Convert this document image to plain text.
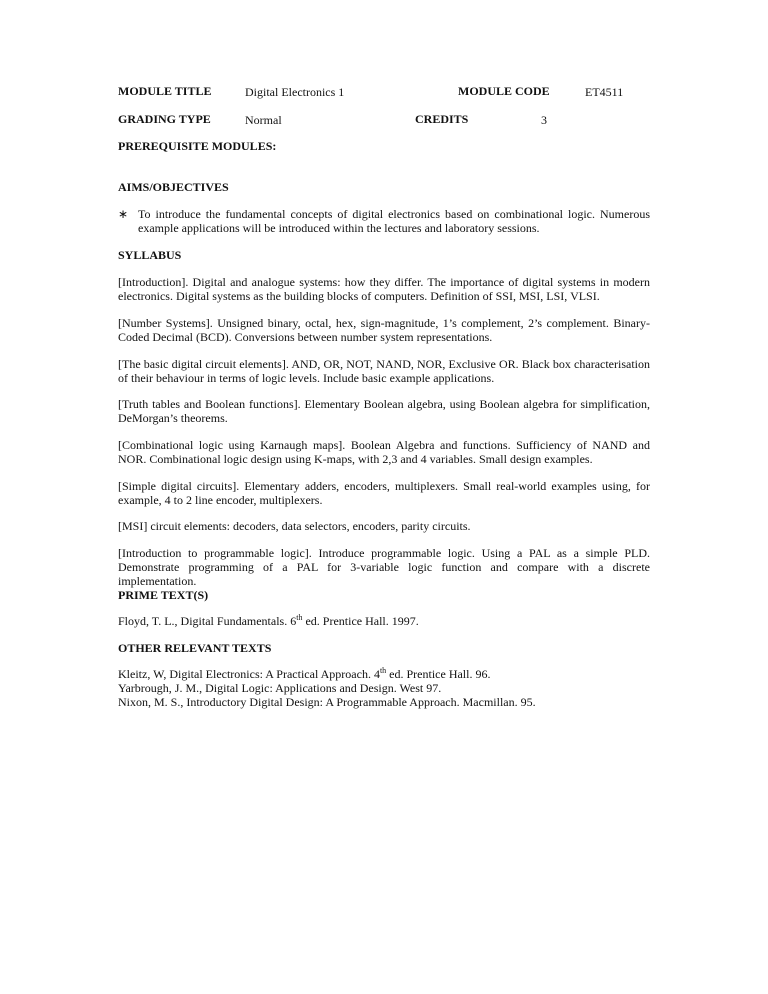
MODULE TITLE	Digital Electronics 1	MODULE CODE	ET4511
GRADING TYPE	Normal	CREDITS	3
PREREQUISITE MODULES:
AIMS/OBJECTIVES
∗ To introduce the fundamental concepts of digital electronics based on combinational logic. Numerous example applications will be introduced within the lectures and laboratory sessions.
SYLLABUS
[Introduction]. Digital and analogue systems: how they differ. The importance of digital systems in modern electronics. Digital systems as the building blocks of computers. Definition of SSI, MSI, LSI, VLSI.
[Number Systems]. Unsigned binary, octal, hex, sign-magnitude, 1’s complement, 2’s complement. Binary-Coded Decimal (BCD). Conversions between number system representations.
[The basic digital circuit elements]. AND, OR, NOT, NAND, NOR, Exclusive OR. Black box characterisation of their behaviour in terms of logic levels. Include basic example applications.
[Truth tables and Boolean functions]. Elementary Boolean algebra, using Boolean algebra for simplification, DeMorgan’s theorems.
[Combinational logic using Karnaugh maps]. Boolean Algebra and functions. Sufficiency of NAND and NOR. Combinational logic design using K-maps, with 2,3 and 4 variables. Small design examples.
[Simple digital circuits]. Elementary adders, encoders, multiplexers. Small real-world examples using, for example, 4 to 2 line encoder, multiplexers.
[MSI] circuit elements: decoders, data selectors, encoders, parity circuits.
[Introduction to programmable logic]. Introduce programmable logic. Using a PAL as a simple PLD. Demonstrate programming of a PAL for 3-variable logic function and compare with a discrete implementation.
PRIME TEXT(S)
Floyd, T. L., Digital Fundamentals. 6th ed. Prentice Hall. 1997.
OTHER RELEVANT TEXTS
Kleitz, W, Digital Electronics: A Practical Approach. 4th ed. Prentice Hall. 96.
Yarbrough, J. M., Digital Logic: Applications and Design. West 97.
Nixon, M. S., Introductory Digital Design: A Programmable Approach. Macmillan. 95.
